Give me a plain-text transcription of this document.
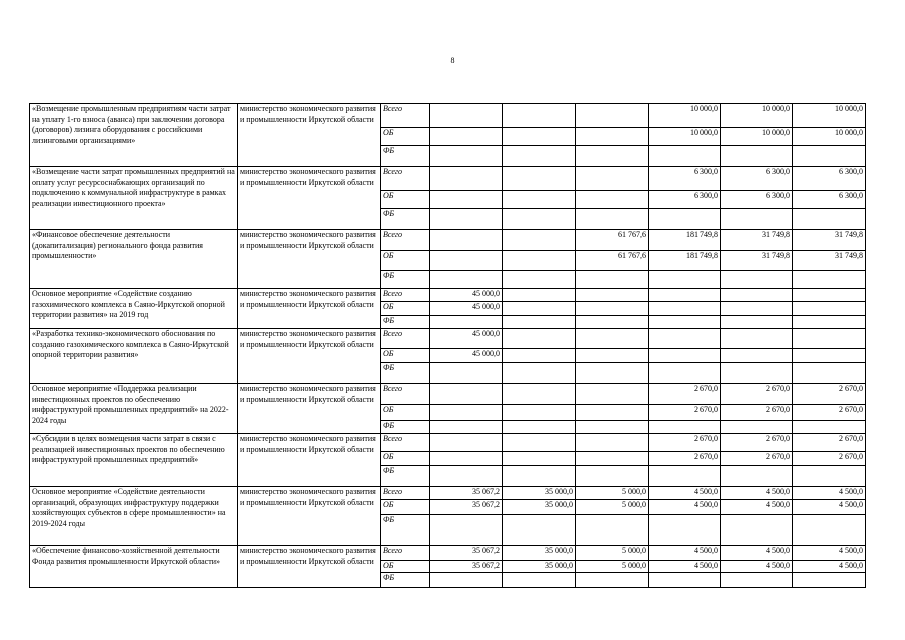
8
«Возмещение промышленным предприятиям части затрат на уплату 1-го взноса (аванса) при заключении договора (договоров) лизинга оборудования с российскими лизинговыми организациями»	министерство экономического развития и промышленности Иркутской области	Всего				10 000,0	10 000,0	10 000,0
		ОБ				10 000,0	10 000,0	10 000,0
		ФБ						
«Возмещение части затрат промышленных предприятий на оплату услуг ресурсоснабжающих организаций по подключению к коммунальной инфраструктуре в рамках реализации инвестиционного проекта»	министерство экономического развития и промышленности Иркутской области	Всего				6 300,0	6 300,0	6 300,0
		ОБ				6 300,0	6 300,0	6 300,0
		ФБ						
«Финансовое обеспечение деятельности (докапитализация) регионального фонда развития промышленности»	министерство экономического развития и промышленности Иркутской области	Всего			61 767,6	181 749,8	31 749,8	31 749,8
		ОБ			61 767,6	181 749,8	31 749,8	31 749,8
		ФБ						
Основное мероприятие «Содействие созданию газохимического комплекса в Саяно-Иркутской опорной территории развития» на 2019 год	министерство экономического развития и промышленности Иркутской области	Всего	45 000,0					
		ОБ	45 000,0					
		ФБ						
«Разработка технико-экономического обоснования по созданию газохимического комплекса в Саяно-Иркутской опорной территории развития»	министерство экономического развития и промышленности Иркутской области	Всего	45 000,0					
		ОБ	45 000,0					
		ФБ						
Основное мероприятие «Поддержка реализации инвестиционных проектов по обеспечению инфраструктурой промышленных предприятий» на 2022-2024 годы	министерство экономического развития и промышленности Иркутской области	Всего				2 670,0	2 670,0	2 670,0
		ОБ				2 670,0	2 670,0	2 670,0
		ФБ						
«Субсидии в целях возмещения части затрат в связи с реализацией инвестиционных проектов по обеспечению инфраструктурой промышленных предприятий»	министерство экономического развития и промышленности Иркутской области	Всего				2 670,0	2 670,0	2 670,0
		ОБ				2 670,0	2 670,0	2 670,0
		ФБ						
Основное мероприятие «Содействие деятельности организаций, образующих инфраструктуру поддержки хозяйствующих субъектов в сфере промышленности» на 2019-2024 годы	министерство экономического развития и промышленности Иркутской области	Всего	35 067,2	35 000,0	5 000,0	4 500,0	4 500,0	4 500,0
		ОБ	35 067,2	35 000,0	5 000,0	4 500,0	4 500,0	4 500,0
		ФБ						
«Обеспечение финансово-хозяйственной деятельности Фонда развития промышленности Иркутской области»	министерство экономического развития и промышленности Иркутской области	Всего	35 067,2	35 000,0	5 000,0	4 500,0	4 500,0	4 500,0
		ОБ	35 067,2	35 000,0	5 000,0	4 500,0	4 500,0	4 500,0
		ФБ						
